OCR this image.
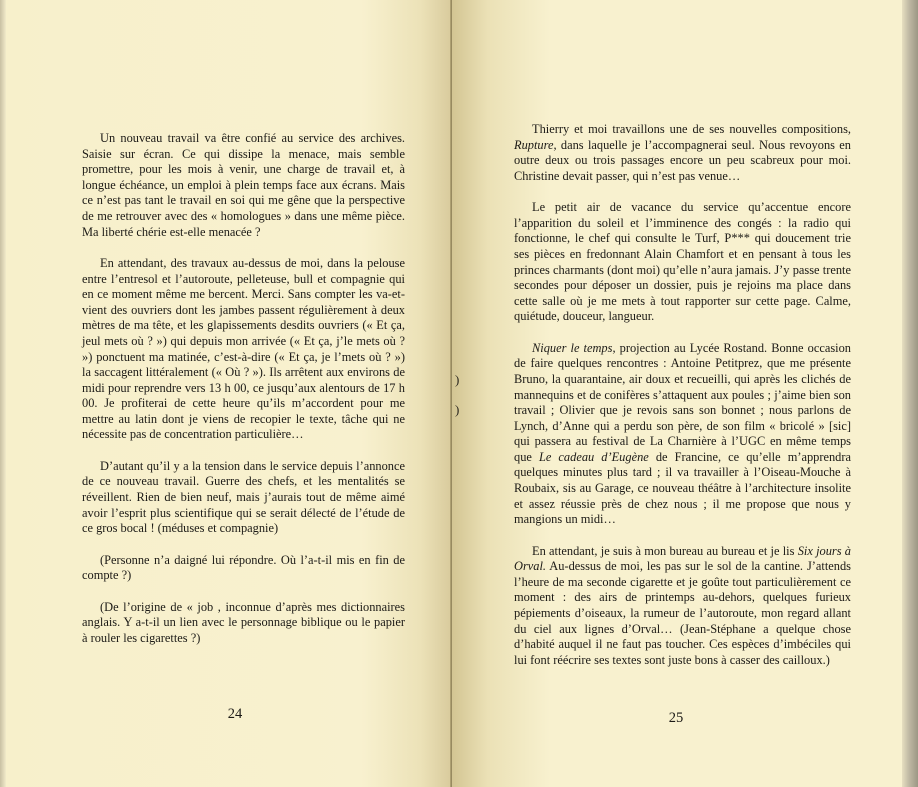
Un nouveau travail va être confié au service des archives. Saisie sur écran. Ce qui dissipe la menace, mais semble promettre, pour les mois à venir, une charge de travail et, à longue échéance, un emploi à plein temps face aux écrans. Mais ce n’est pas tant le travail en soi qui me gêne que la perspective de me retrouver avec des « homologues » dans une même pièce. Ma liberté chérie est-elle menacée ?

En attendant, des travaux au-dessus de moi, dans la pelouse entre l’entresol et l’autoroute, pelleteuse, bull et compagnie qui en ce moment même me bercent. Merci. Sans compter les va-et-vient des ouvriers dont les jambes passent régulièrement à deux mètres de ma tête, et les glapissements desdits ouvriers (« Et ça, jeul mets où ? ») qui depuis mon arrivée (« Et ça, j’le mets où ? ») ponctuent ma matinée, c’est-à-dire (« Et ça, je l’mets où ? ») la saccagent littéralement (« Où ? »). Ils arrêtent aux environs de midi pour reprendre vers 13 h 00, ce jusqu’aux alentours de 17 h 00. Je profiterai de cette heure qu’ils m’accordent pour me mettre au latin dont je viens de recopier le texte, tâche qui ne nécessite pas de concentration particulière…

D’autant qu’il y a la tension dans le service depuis l’annonce de ce nouveau travail. Guerre des chefs, et les mentalités se réveillent. Rien de bien neuf, mais j’aurais tout de même aimé avoir l’esprit plus scientifique qui se serait délecté de l’étude de ce gros bocal ! (méduses et compagnie)

(Personne n’a daigné lui répondre. Où l’a-t-il mis en fin de compte ?)

(De l’origine de « job , inconnue d’après mes dictionnaires anglais. Y a-t-il un lien avec le personnage biblique ou le papier à rouler les cigarettes ?)

24

Thierry et moi travaillons une de ses nouvelles compositions, Rupture, dans laquelle je l’accompagnerai seul. Nous revoyons en outre deux ou trois passages encore un peu scabreux pour moi. Christine devait passer, qui n’est pas venue…

Le petit air de vacance du service qu’accentue encore l’apparition du soleil et l’imminence des congés : la radio qui fonctionne, le chef qui consulte le Turf, P*** qui doucement trie ses pièces en fredonnant Alain Chamfort et en pensant à tous les princes charmants (dont moi) qu’elle n’aura jamais. J’y passe trente secondes pour déposer un dossier, puis je rejoins ma place dans cette salle où je me mets à tout rapporter sur cette page. Calme, quiétude, douceur, langueur.

Niquer le temps, projection au Lycée Rostand. Bonne occasion de faire quelques rencontres : Antoine Petitprez, que me présente Bruno, la quarantaine, air doux et recueilli, qui après les clichés de mannequins et de conifères s’attaquent aux poules ; j’aime bien son travail ; Olivier que je revois sans son bonnet ; nous parlons de Lynch, d’Anne qui a perdu son père, de son film « bricolé » [sic] qui passera au festival de La Charnière à l’UGC en même temps que Le cadeau d’Eugène de Francine, ce qu’elle m’apprendra quelques minutes plus tard ; il va travailler à l’Oiseau-Mouche à Roubaix, sis au Garage, ce nouveau théâtre à l’architecture insolite et assez réussie près de chez nous ; il me propose que nous y mangions un midi…

En attendant, je suis à mon bureau au bureau et je lis Six jours à Orval. Au-dessus de moi, les pas sur le sol de la cantine. J’attends l’heure de ma seconde cigarette et je goûte tout particulièrement ce moment : des airs de printemps au-dehors, quelques furieux pépiements d’oiseaux, la rumeur de l’autoroute, mon regard allant du ciel aux lignes d’Orval… (Jean-Stéphane a quelque chose d’habité auquel il ne faut pas toucher. Ces espèces d’imbéciles qui lui font réécrire ses textes sont juste bons à casser des cailloux.)

25
)
)
